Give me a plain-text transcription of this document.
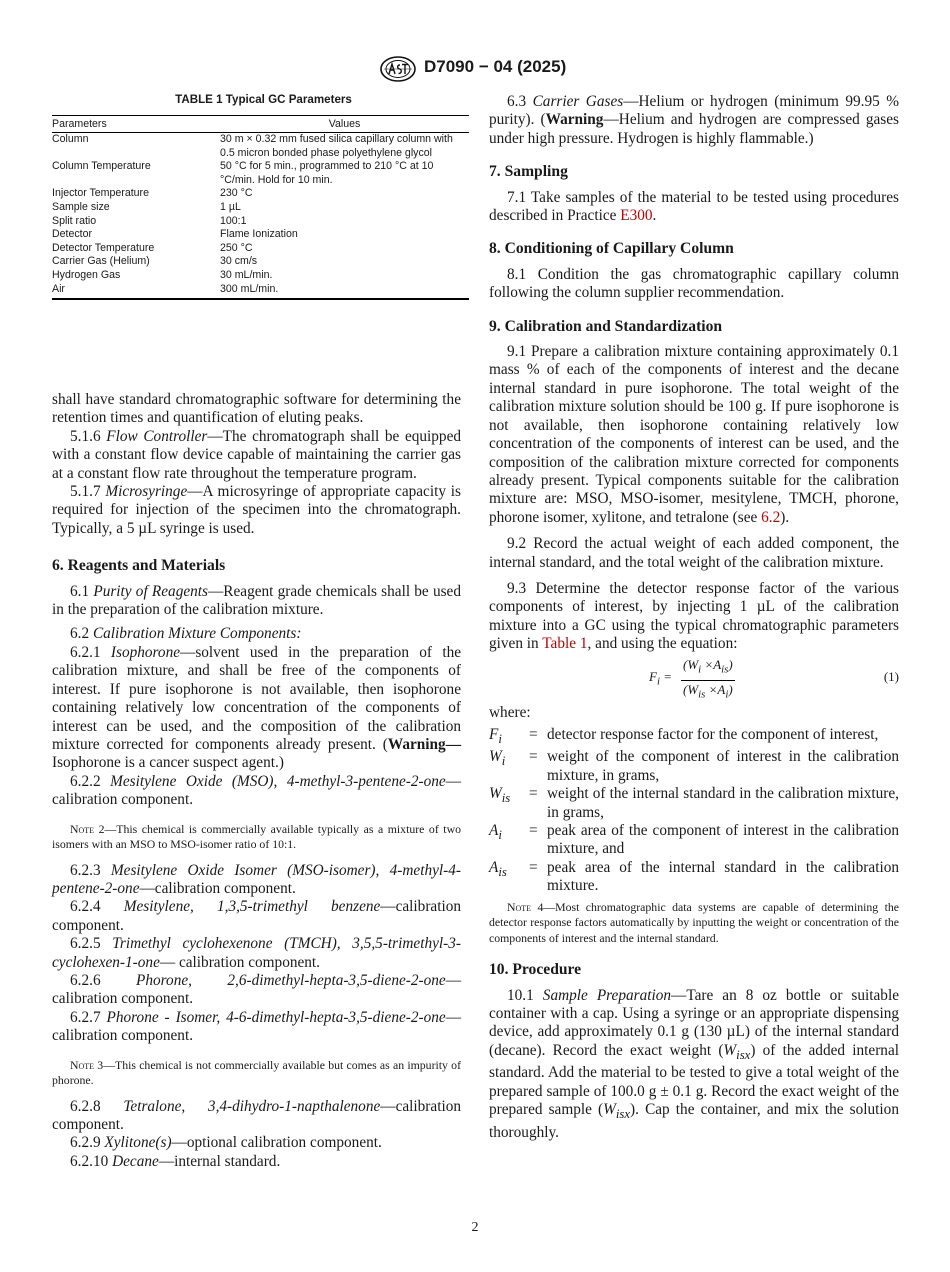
D7090 − 04 (2025)
TABLE 1 Typical GC Parameters
Parameters	Values
Column	30 m × 0.32 mm fused silica capillary column with 0.5 micron bonded phase polyethylene glycol
Column Temperature	50 °C for 5 min., programmed to 210 °C at 10 °C/min. Hold for 10 min.
Injector Temperature	230 °C
Sample size	1 µL
Split ratio	100:1
Detector	Flame Ionization
Detector Temperature	250 °C
Carrier Gas (Helium)	30 cm/s
Hydrogen Gas	30 mL/min.
Air	300 mL/min.

shall have standard chromatographic software for determining the retention times and quantification of eluting peaks.

5.1.6 Flow Controller—The chromatograph shall be equipped with a constant flow device capable of maintaining the carrier gas at a constant flow rate throughout the temperature program.

5.1.7 Microsyringe—A microsyringe of appropriate capacity is required for injection of the specimen into the chromatograph. Typically, a 5 µL syringe is used.

6. Reagents and Materials

6.1 Purity of Reagents—Reagent grade chemicals shall be used in the preparation of the calibration mixture.

6.2 Calibration Mixture Components:

6.2.1 Isophorone—solvent used in the preparation of the calibration mixture, and shall be free of the components of interest. If pure isophorone is not available, then isophorone containing relatively low concentration of the components of interest can be used, and the composition of the calibration mixture corrected for components already present. (Warning—Isophorone is a cancer suspect agent.)

6.2.2 Mesitylene Oxide (MSO), 4-methyl-3-pentene-2-one—calibration component.

Note 2—This chemical is commercially available typically as a mixture of two isomers with an MSO to MSO-isomer ratio of 10:1.

6.2.3 Mesitylene Oxide Isomer (MSO-isomer), 4-methyl-4-pentene-2-one—calibration component.

6.2.4 Mesitylene, 1,3,5-trimethyl benzene—calibration component.

6.2.5 Trimethyl cyclohexenone (TMCH), 3,5,5-trimethyl-3-cyclohexen-1-one— calibration component.

6.2.6 Phorone, 2,6-dimethyl-hepta-3,5-diene-2-one— calibration component.

6.2.7 Phorone - Isomer, 4-6-dimethyl-hepta-3,5-diene-2-one— calibration component.

Note 3—This chemical is not commercially available but comes as an impurity of phorone.

6.2.8 Tetralone, 3,4-dihydro-1-napthalenone—calibration component.

6.2.9 Xylitone(s)—optional calibration component.

6.2.10 Decane—internal standard.

6.3 Carrier Gases—Helium or hydrogen (minimum 99.95 % purity). (Warning—Helium and hydrogen are compressed gases under high pressure. Hydrogen is highly flammable.)

7. Sampling

7.1 Take samples of the material to be tested using procedures described in Practice E300.

8. Conditioning of Capillary Column

8.1 Condition the gas chromatographic capillary column following the column supplier recommendation.

9. Calibration and Standardization

9.1 Prepare a calibration mixture containing approximately 0.1 mass % of each of the components of interest and the decane internal standard in pure isophorone. The total weight of the calibration mixture solution should be 100 g. If pure isophorone is not available, then isophorone containing relatively low concentration of the components of interest can be used, and the composition of the calibration mixture corrected for components already present. Typical components suitable for the calibration mixture are: MSO, MSO-isomer, mesitylene, TMCH, phorone, phorone isomer, xylitone, and tetralone (see 6.2).

9.2 Record the actual weight of each added component, the internal standard, and the total weight of the calibration mixture.

9.3 Determine the detector response factor of the various components of interest, by injecting 1 µL of the calibration mixture into a GC using the typical chromatographic parameters given in Table 1, and using the equation:

$F_i$ =
$(W_i \times A_{is})$
$(W_{is} \times A_i)$
(1)

where:

$F_i$	= detector response factor for the component of interest,
$W_i$	= weight of the component of interest in the calibration mixture, in grams,
$W_{is}$	= weight of the internal standard in the calibration mixture, in grams,
$A_i$	= peak area of the component of interest in the calibration mixture, and
$A_{is}$	= peak area of the internal standard in the calibration mixture.

Note 4—Most chromatographic data systems are capable of determining the detector response factors automatically by inputting the weight or concentration of the components of interest and the internal standard.

10. Procedure

10.1 Sample Preparation—Tare an 8 oz bottle or suitable container with a cap. Using a syringe or an appropriate dispensing device, add approximately 0.1 g (130 µL) of the internal standard (decane). Record the exact weight $(W_{isx})$ of the added internal standard. Add the material to be tested to give a total weight of the prepared sample of 100.0 g ± 0.1 g. Record the exact weight of the prepared sample $(W_{isx})$. Cap the container, and mix the solution thoroughly.

2
